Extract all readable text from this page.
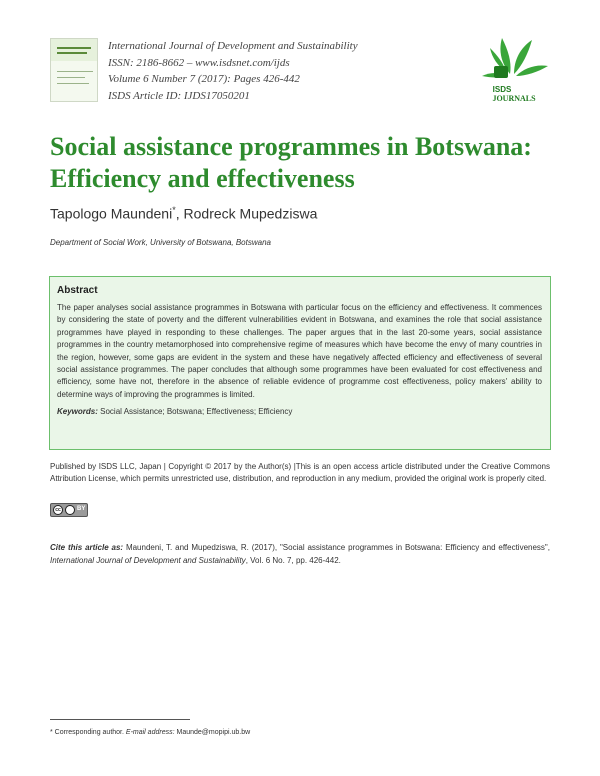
International Journal of Development and Sustainability
ISSN: 2186-8662 – www.isdsnet.com/ijds
Volume 6 Number 7 (2017): Pages 426-442
ISDS Article ID: IJDS17050201	ISDS
JOURNALS
Social assistance programmes in Botswana: Efficiency and effectiveness
Tapologo Maundeni*, Rodreck Mupedziswa
Department of Social Work, University of Botswana, Botswana
Abstract

The paper analyses social assistance programmes in Botswana with particular focus on the efficiency and effectiveness. It commences by considering the state of poverty and the different vulnerabilities evident in Botswana, and examines the role that social assistance programmes have played in responding to these challenges. The paper argues that in the last 20-some years, social assistance programmes in the country metamorphosed into comprehensive regime of measures which have become the envy of many countries in the region, however, some gaps are evident in the system and these have negatively affected efficiency and effectiveness of several social assistance programmes. The paper concludes that although some programmes have been evaluated for cost effectiveness and efficiency, some have not, therefore in the absence of reliable evidence of programme cost effectiveness, policy makers' ability to determine ways of improving the programmes is limited.

Keywords: Social Assistance; Botswana; Effectiveness; Efficiency

Published by ISDS LLC, Japan | Copyright © 2017 by the Author(s) |This is an open access article distributed under the Creative Commons Attribution License, which permits unrestricted use, distribution, and reproduction in any medium, provided the original work is properly cited.

cc	BY

Cite this article as: Maundeni, T. and Mupedziswa, R. (2017), "Social assistance programmes in Botswana: Efficiency and effectiveness", International Journal of Development and Sustainability, Vol. 6 No. 7, pp. 426-442.

* Corresponding author. E-mail address: Maunde@mopipi.ub.bw
